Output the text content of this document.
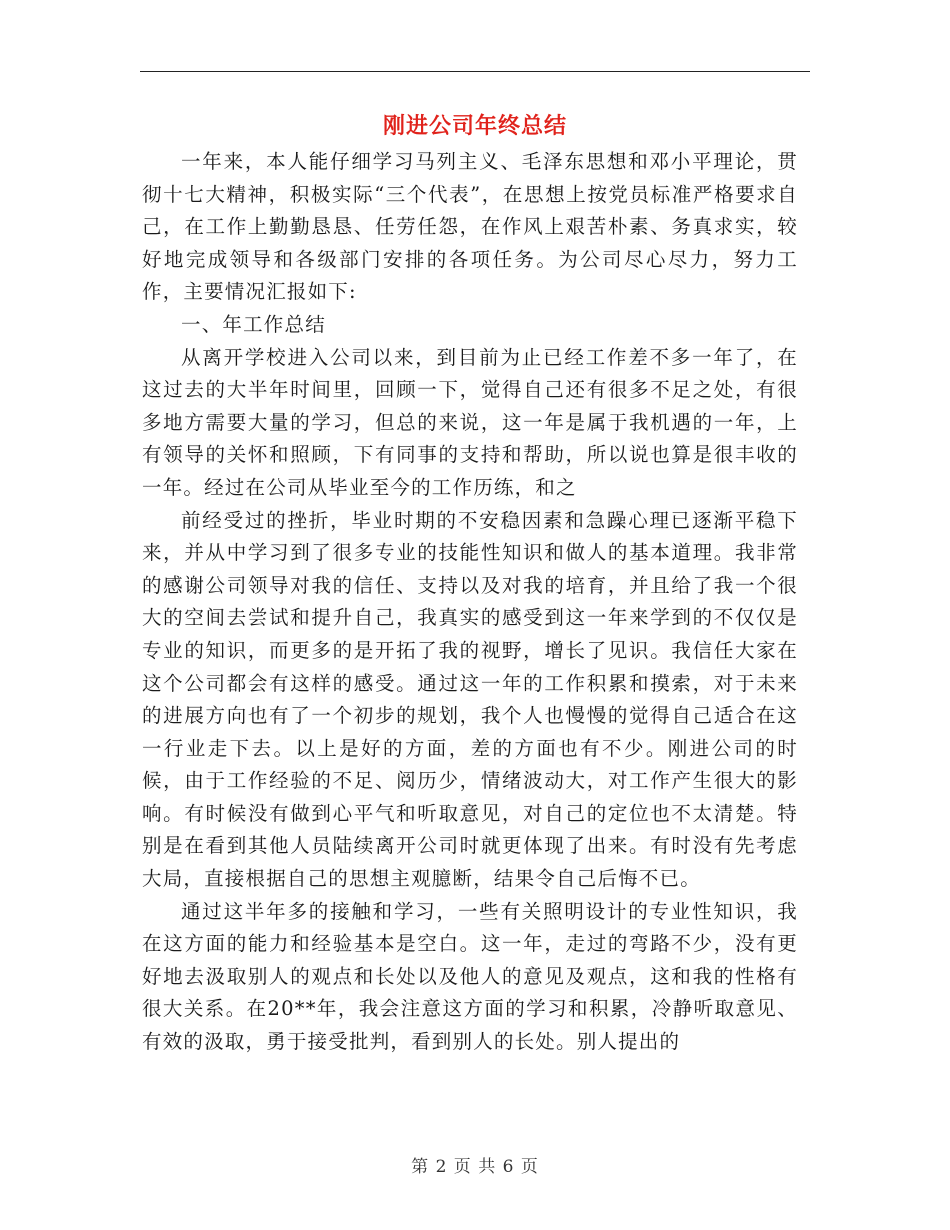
刚进公司年终总结

一年来，本人能仔细学习马列主义、毛泽东思想和邓小平理论，贯彻十七大精神，积极实际“三个代表”，在思想上按党员标准严格要求自己，在工作上勤勤恳恳、任劳任怨，在作风上艰苦朴素、务真求实，较好地完成领导和各级部门安排的各项任务。为公司尽心尽力，努力工作，主要情况汇报如下:

一、年工作总结

从离开学校进入公司以来，到目前为止已经工作差不多一年了，在这过去的大半年时间里，回顾一下，觉得自己还有很多不足之处，有很多地方需要大量的学习，但总的来说，这一年是属于我机遇的一年，上有领导的关怀和照顾，下有同事的支持和帮助，所以说也算是很丰收的一年。经过在公司从毕业至今的工作历练，和之

前经受过的挫折，毕业时期的不安稳因素和急躁心理已逐渐平稳下来，并从中学习到了很多专业的技能性知识和做人的基本道理。我非常的感谢公司领导对我的信任、支持以及对我的培育，并且给了我一个很大的空间去尝试和提升自己，我真实的感受到这一年来学到的不仅仅是专业的知识，而更多的是开拓了我的视野，增长了见识。我信任大家在这个公司都会有这样的感受。通过这一年的工作积累和摸索，对于未来的进展方向也有了一个初步的规划，我个人也慢慢的觉得自己适合在这一行业走下去。以上是好的方面，差的方面也有不少。刚进公司的时候，由于工作经验的不足、阅历少，情绪波动大，对工作产生很大的影响。有时候没有做到心平气和听取意见，对自己的定位也不太清楚。特别是在看到其他人员陆续离开公司时就更体现了出来。有时没有先考虑大局，直接根据自己的思想主观臆断，结果令自己后悔不已。

通过这半年多的接触和学习，一些有关照明设计的专业性知识，我在这方面的能力和经验基本是空白。这一年，走过的弯路不少，没有更好地去汲取别人的观点和长处以及他人的意见及观点，这和我的性格有很大关系。在20**年，我会注意这方面的学习和积累，冷静听取意见、有效的汲取，勇于接受批判，看到别人的长处。别人提出的

第 2 页 共 6 页
